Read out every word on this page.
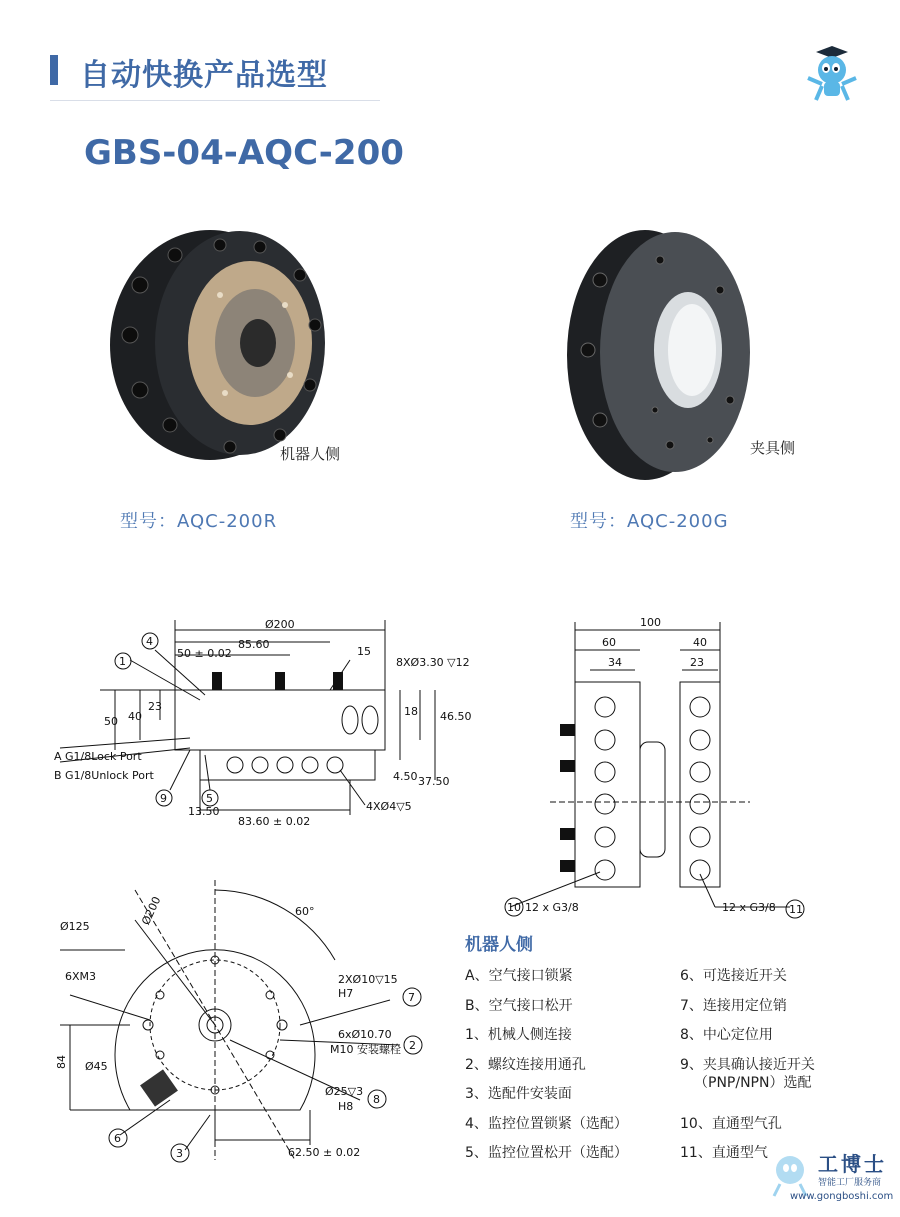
自动快换产品选型
GBS-04-AQC-200
机器人侧	夹具侧
型号：AQC-200R	型号：AQC-200G
Ø200
50 ± 0.02
85.60
8XØ3.30 ▽12
15
50 40
23	18 46.50
A G1/8Lock Port
B G1/8Unlock Port	4.50 37.50
13.50
83.60 ± 0.02
4XØ4▽5
1
4
9	5
100
60	40
34	23
12 x G3/8	12 x G3/8
10	11
Ø200
Ø125
6XM3
60°
2XØ10▽15
H7
6xØ10.70
M10 安装螺栓
84 Ø45
Ø25▽3
H8
62.50 ± 0.02
7
2
8
6
3
机器人侧
A、空气接口锁紧
B、空气接口松开
1、机械人侧连接
2、螺纹连接用通孔
3、选配件安装面
4、监控位置锁紧（选配）
5、监控位置松开（选配）
6、可选接近开关
7、连接用定位销
8、中心定位用
9、夹具确认接近开关
（PNP/NPN）选配
10、直通型气孔
11、直通型气	工博士
智能工厂服务商
www.gongboshi.com
